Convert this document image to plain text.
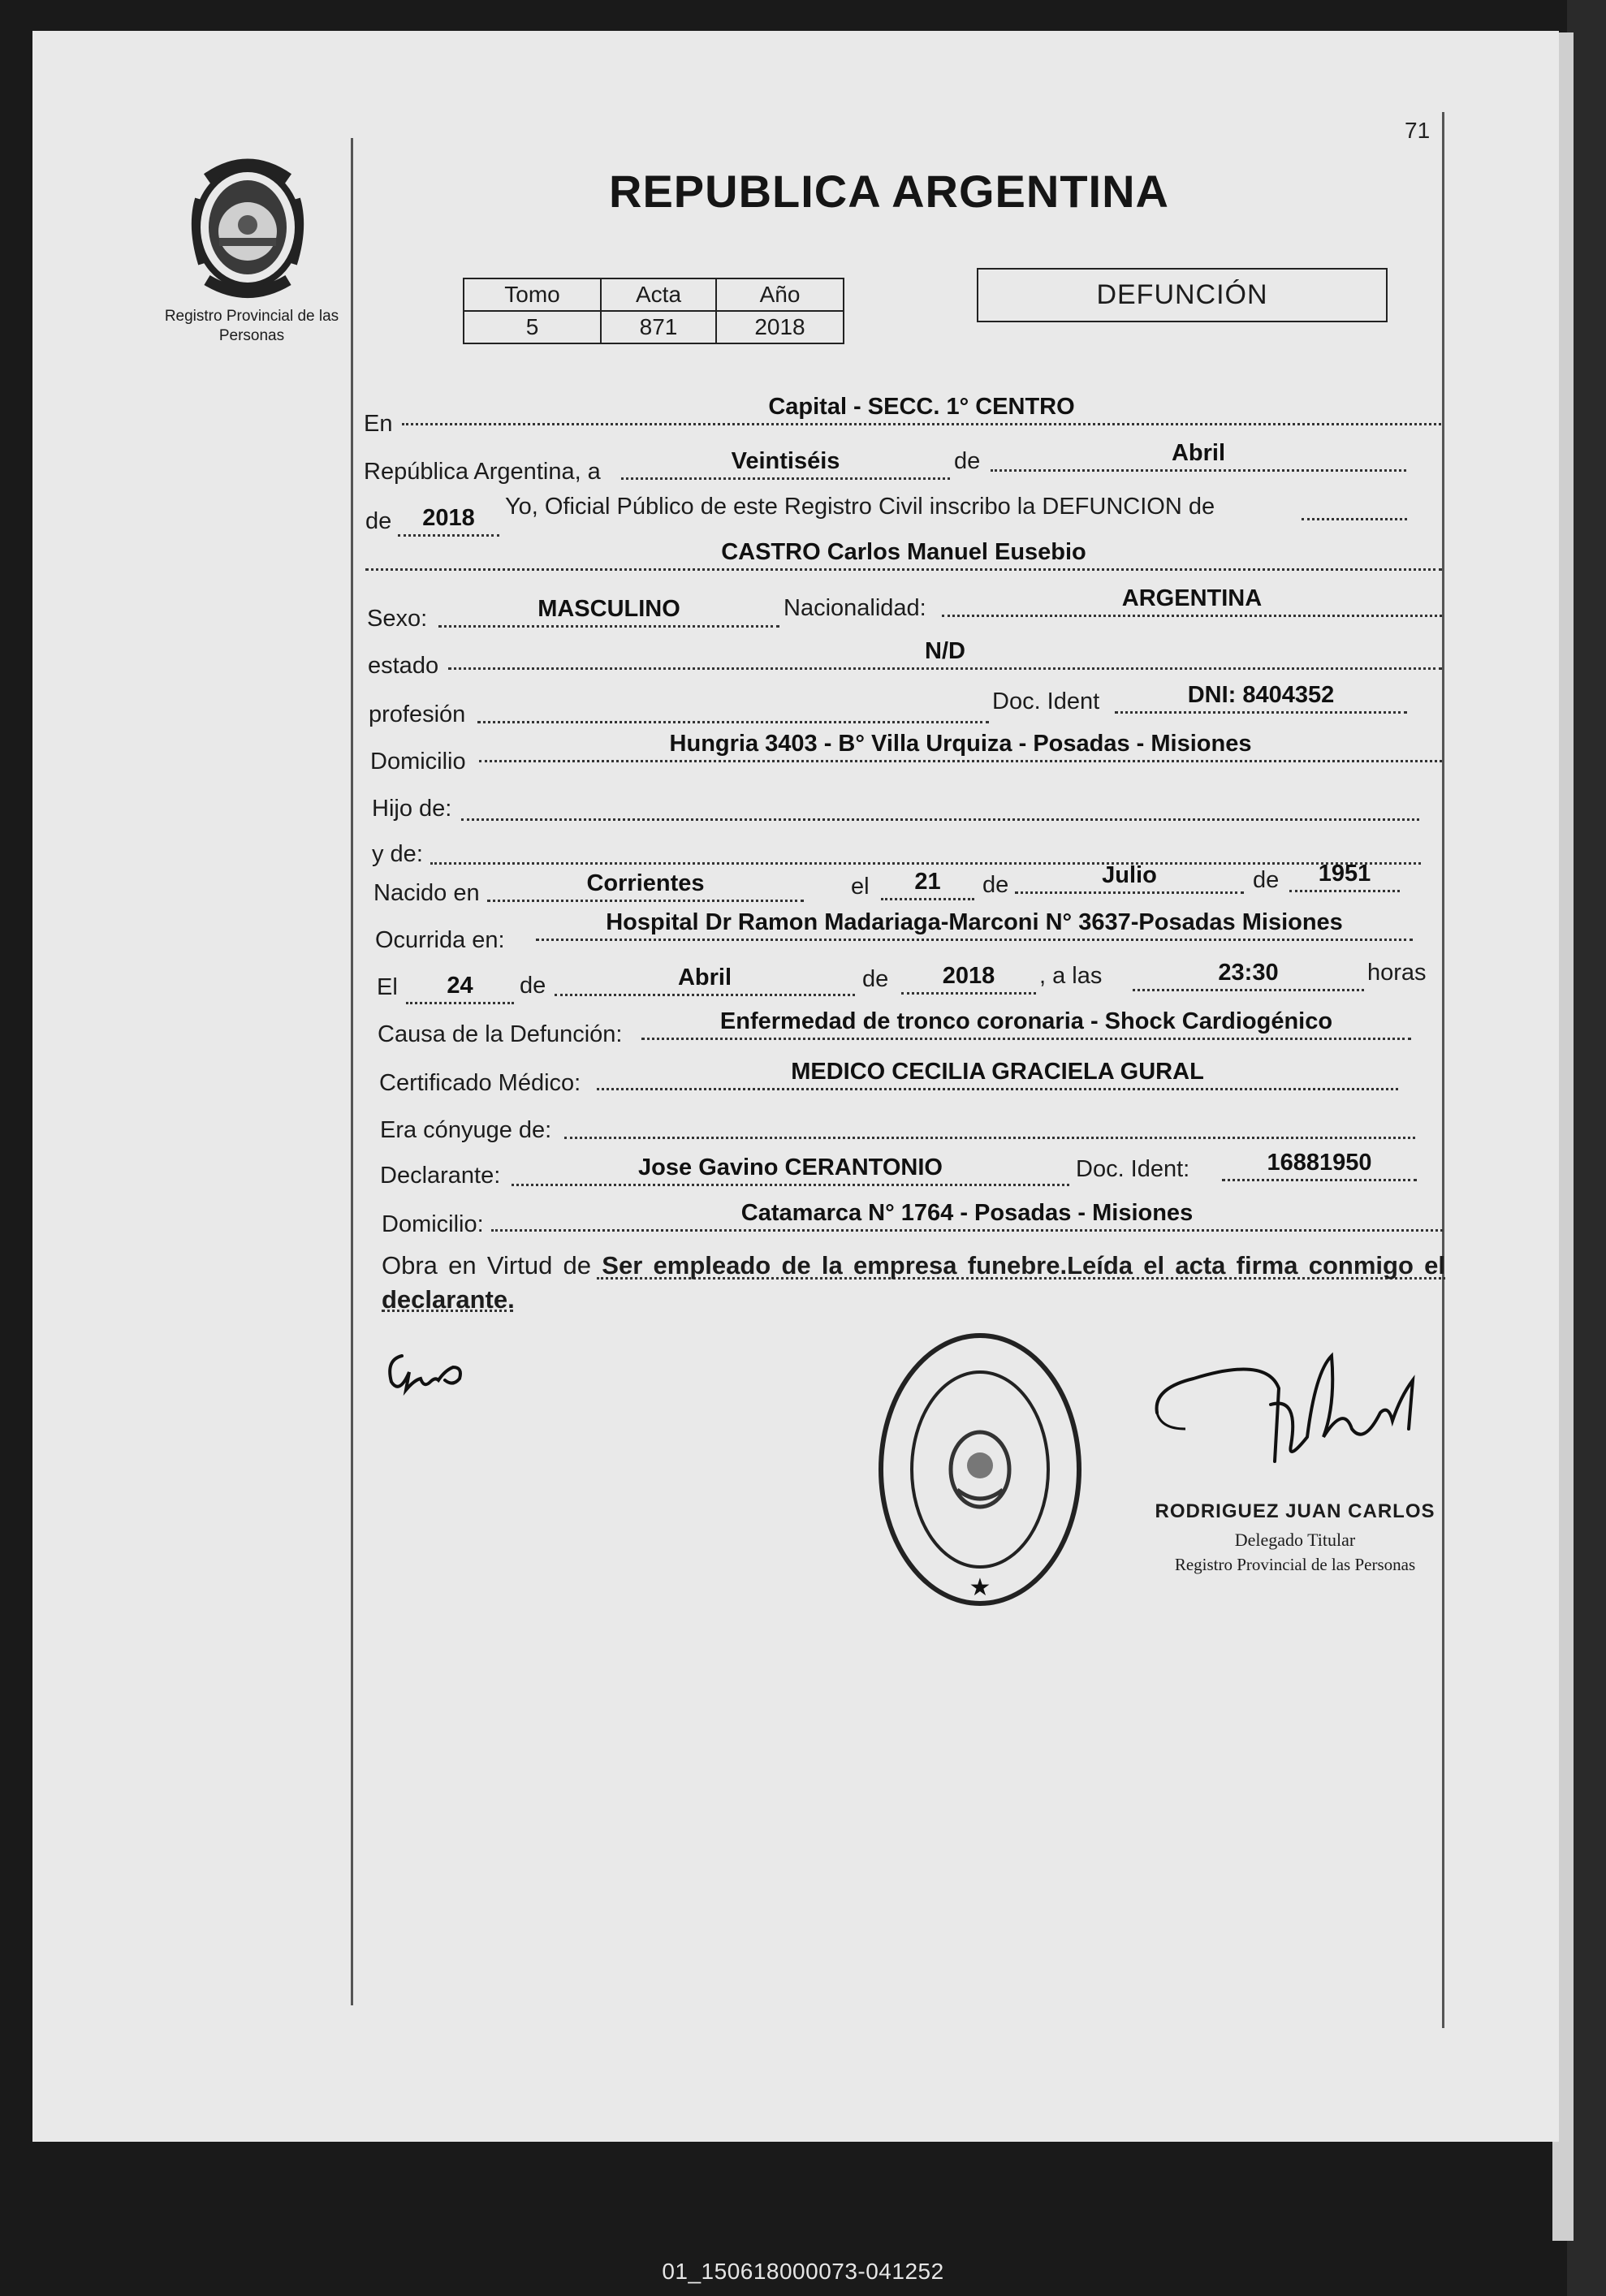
71
Registro Provincial de las Personas
REPUBLICA ARGENTINA
Tomo	Acta	Año
5	871	2018
DEFUNCIÓN
En
Capital - SECC. 1° CENTRO
República Argentina, a	Veintiséis	de	Abril
de	2018	Yo, Oficial Público de este Registro Civil inscribo la DEFUNCION de
CASTRO Carlos Manuel Eusebio
Sexo:	MASCULINO	Nacionalidad:	ARGENTINA
estado
N/D
profesión	Doc. Ident	DNI: 8404352
Domicilio
Hungria 3403 - B° Villa Urquiza - Posadas - Misiones
Hijo de:
y de:
Nacido en	Corrientes	el	21	de	Julio	de	1951
Ocurrida en:
Hospital Dr Ramon Madariaga-Marconi N° 3637-Posadas Misiones
El	24	de	Abril	de	2018	, a las	23:30	horas
Causa de la Defunción:	Enfermedad de tronco coronaria - Shock Cardiogénico
Certificado Médico:	MEDICO CECILIA GRACIELA GURAL
Era cónyuge de:
Declarante:	Jose Gavino CERANTONIO	Doc. Ident:	16881950
Domicilio:	Catamarca N° 1764 - Posadas - Misiones
Obra en Virtud de Ser empleado de la empresa funebre.Leída el acta firma conmigo el declarante.
★
RODRIGUEZ JUAN CARLOS
Delegado Titular
Registro Provincial de las Personas
01_150618000073-041252
